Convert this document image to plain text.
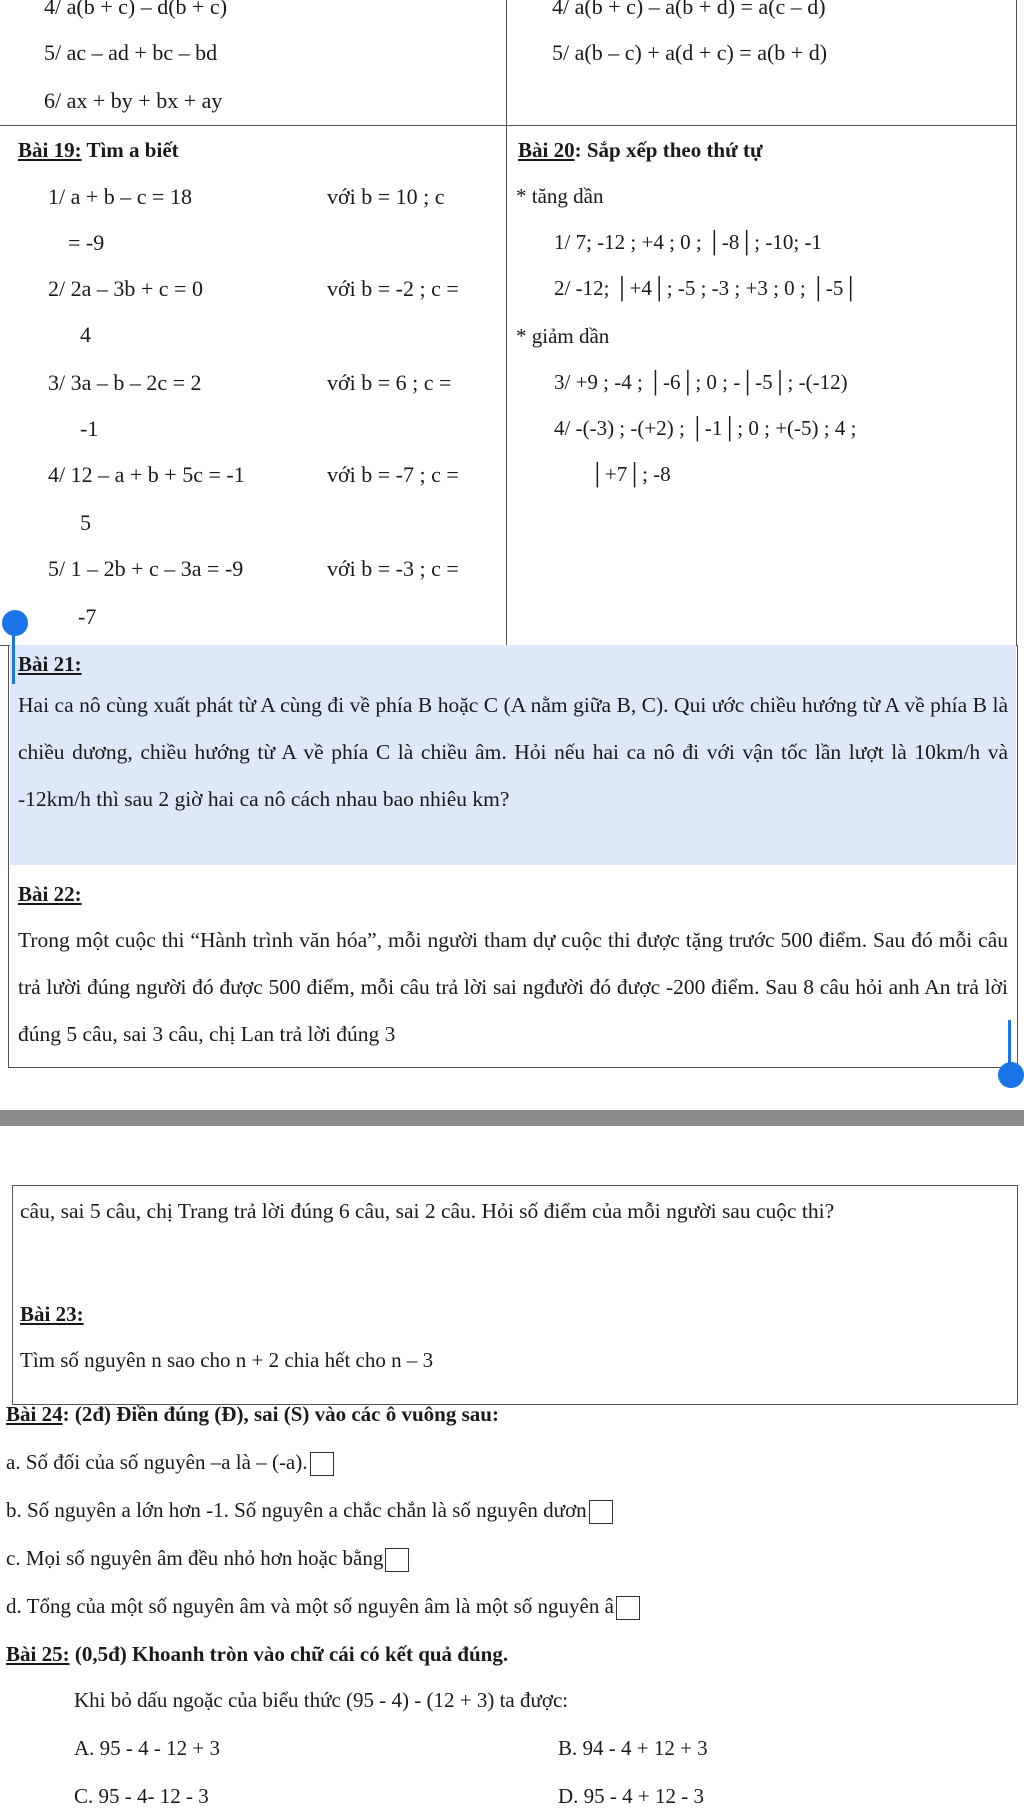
4/ a(b + c) – d(b + c)
5/ ac – ad + bc – bd
6/ ax + by + bx + ay
4/ a(b + c) – a(b + d) = a(c – d)
5/ a(b – c) + a(d + c) = a(b + d)
Bài 19: Tìm a biết
1/ a + b – c = 18	với b = 10 ; c
= -9
2/ 2a – 3b + c = 0	với b = -2 ; c =
4
3/ 3a – b – 2c = 2	với b = 6 ; c =
-1
4/ 12 – a + b + 5c = -1	với b = -7 ; c =
5
5/ 1 – 2b + c – 3a = -9	với b = -3 ; c =
-7
Bài 20: Sắp xếp theo thứ tự
* tăng dần
1/ 7; -12 ; +4 ; 0 ; │-8│; -10; -1
2/ -12; │+4│; -5 ; -3 ; +3 ; 0 ; │-5│
* giảm dần
3/ +9 ; -4 ; │-6│; 0 ; -│-5│; -(-12)
4/ -(-3) ; -(+2) ; │-1│; 0 ; +(-5) ; 4 ;
│+7│; -8
Bài 21:
Hai ca nô cùng xuất phát từ A cùng đi về phía B hoặc C (A nằm giữa B, C). Qui ước chiều hướng từ A về phía B là chiều dương, chiều hướng từ A về phía C là chiều âm. Hỏi nếu hai ca nô đi với vận tốc lần lượt là 10km/h và -12km/h thì sau 2 giờ hai ca nô cách nhau bao nhiêu km?
Bài 22:
Trong một cuộc thi “Hành trình văn hóa”, mỗi người tham dự cuộc thi được tặng trước 500 điểm. Sau đó mỗi câu trả lười đúng người đó được 500 điểm, mỗi câu trả lời sai ngđười đó được -200 điểm. Sau 8 câu hỏi anh An trả lời đúng 5 câu, sai 3 câu, chị Lan trả lời đúng 3
câu, sai 5 câu, chị Trang trả lời đúng 6 câu, sai 2 câu. Hỏi số điểm của mỗi người sau cuộc thi?
Bài 23:
Tìm số nguyên n sao cho n + 2 chia hết cho n – 3
Bài 24: (2đ) Điền đúng (Đ), sai (S) vào các ô vuông sau:
a. Số đối của số nguyên –a là – (-a).
b. Số nguyên a lớn hơn -1. Số nguyên a chắc chắn là số nguyên dươn
c. Mọi số nguyên âm đều nhỏ hơn hoặc bằng
d. Tổng của một số nguyên âm và một số nguyên âm là một số nguyên â
Bài 25: (0,5đ) Khoanh tròn vào chữ cái có kết quả đúng.
Khi bỏ dấu ngoặc của biểu thức (95 - 4) - (12 + 3) ta được:
A. 95 - 4 - 12 + 3	B. 94 - 4 + 12 + 3
C. 95 - 4- 12 - 3	D. 95 - 4 + 12 - 3
